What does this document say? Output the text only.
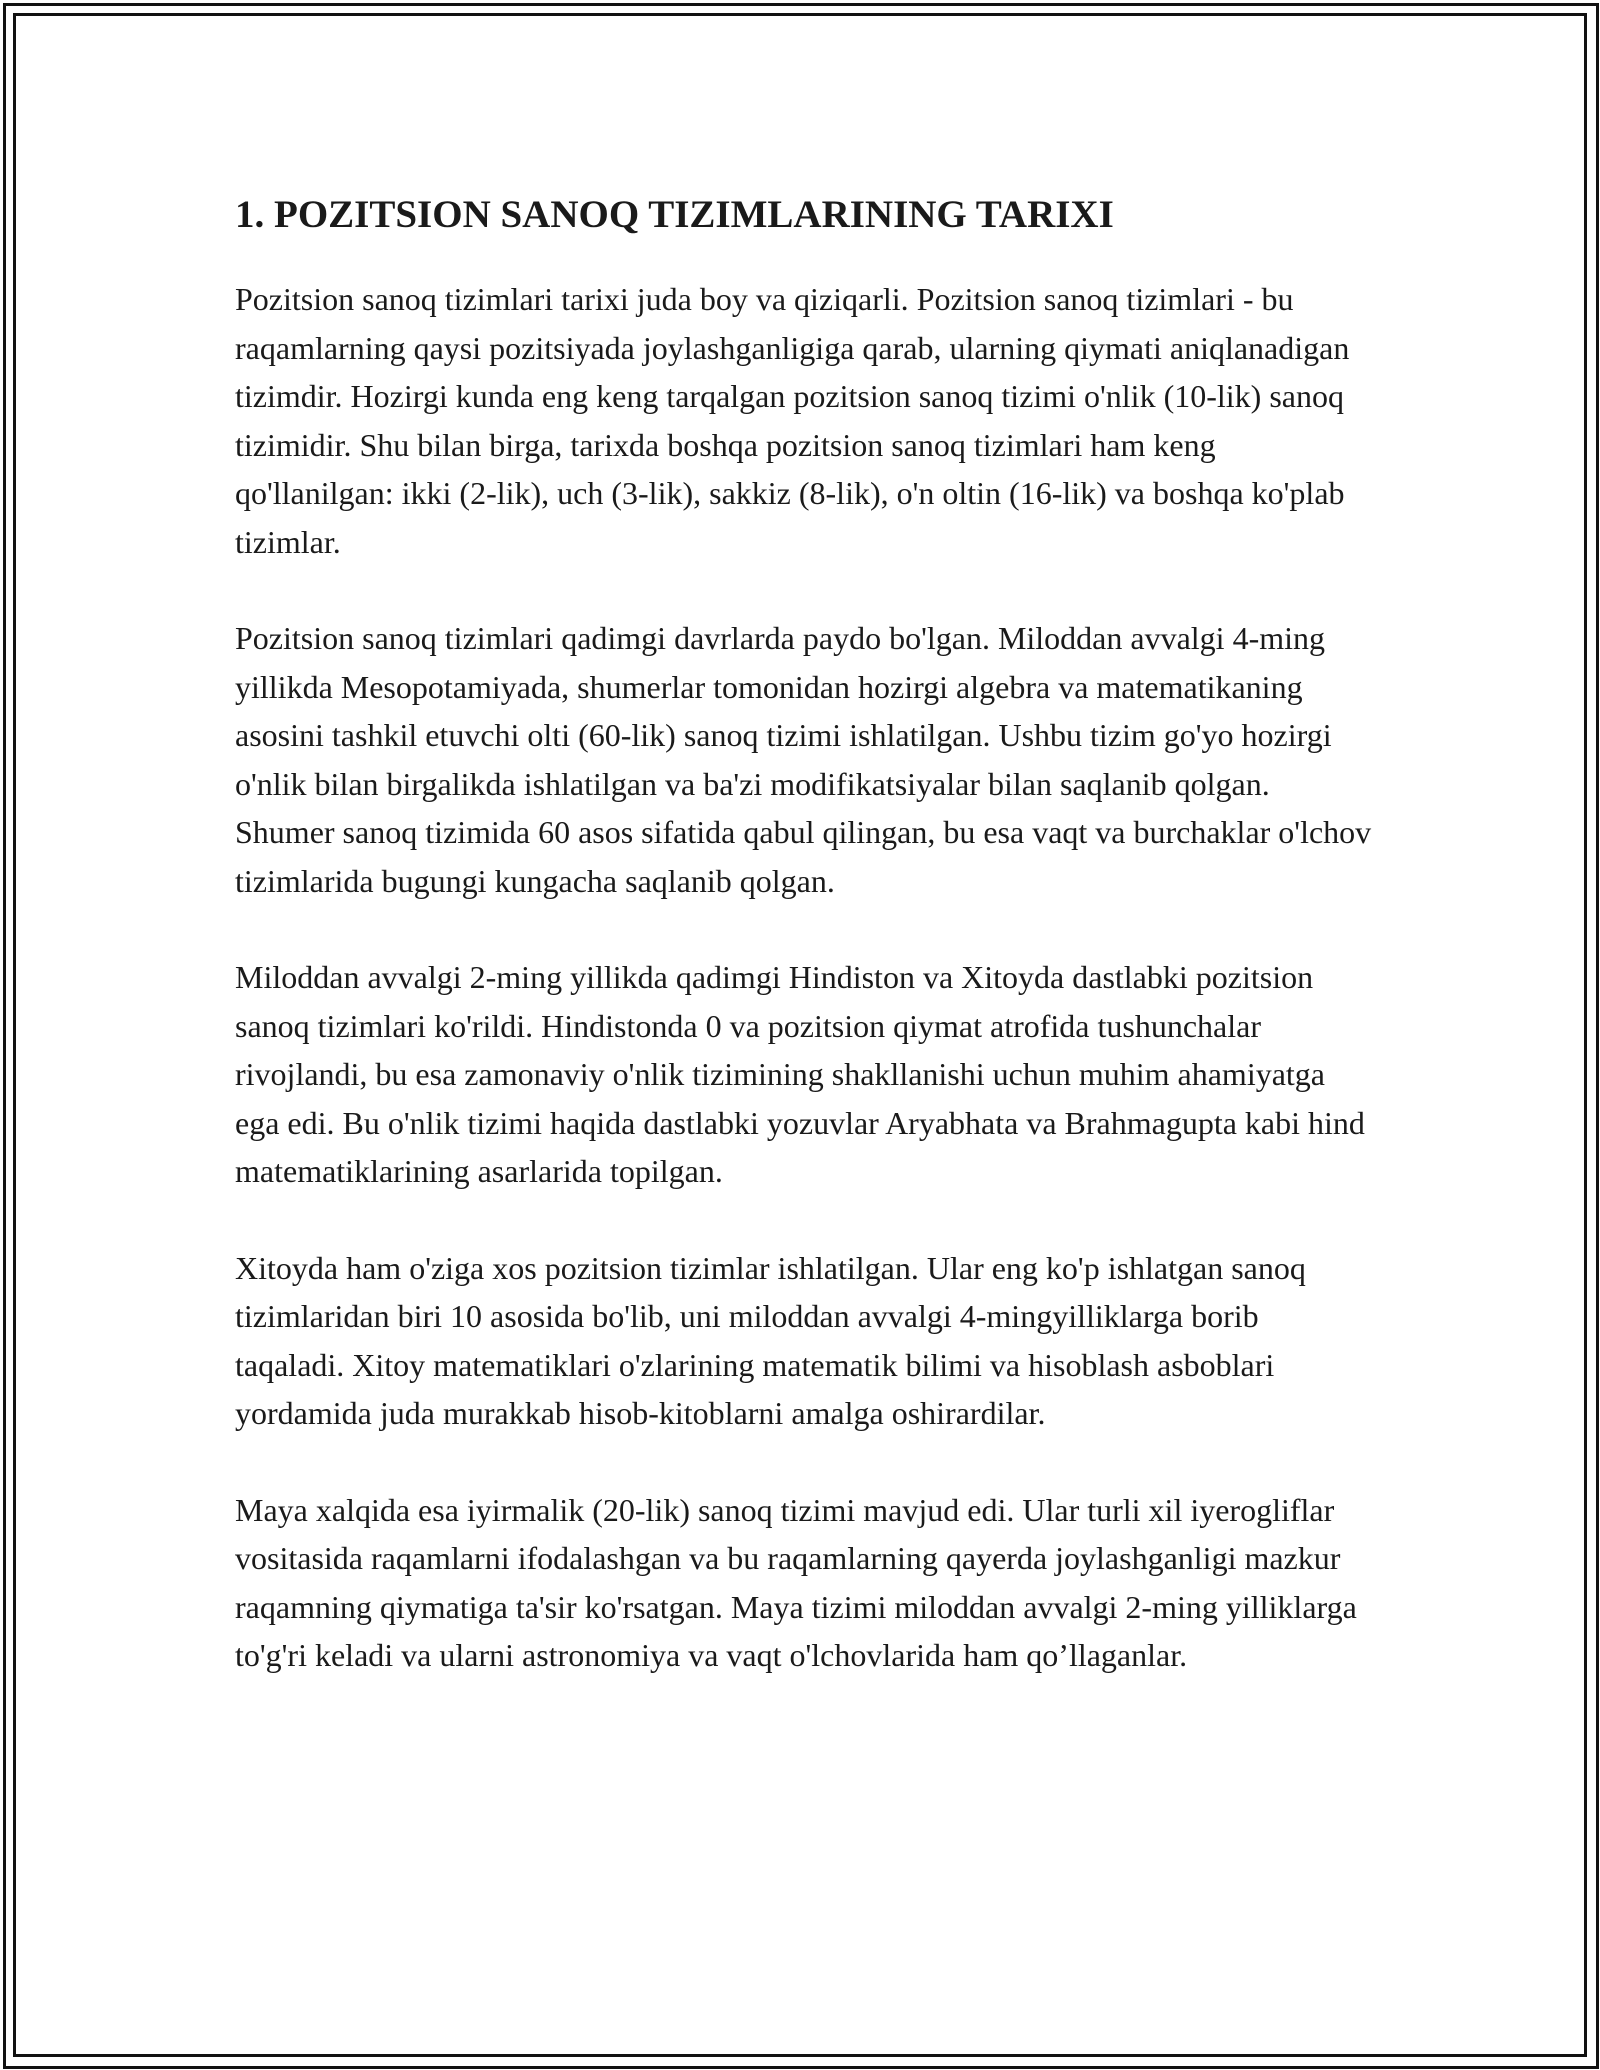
1. POZITSION SANOQ TIZIMLARINING TARIXI

Pozitsion sanoq tizimlari tarixi juda boy va qiziqarli. Pozitsion sanoq tizimlari - bu raqamlarning qaysi pozitsiyada joylashganligiga qarab, ularning qiymati aniqlanadigan tizimdir. Hozirgi kunda eng keng tarqalgan pozitsion sanoq tizimi o'nlik (10-lik) sanoq tizimidir. Shu bilan birga, tarixda boshqa pozitsion sanoq tizimlari ham keng qo'llanilgan: ikki (2-lik), uch (3-lik), sakkiz (8-lik), o'n oltin (16-lik) va boshqa ko'plab tizimlar.

Pozitsion sanoq tizimlari qadimgi davrlarda paydo bo'lgan. Miloddan avvalgi 4-ming yillikda Mesopotamiyada, shumerlar tomonidan hozirgi algebra va matematikaning asosini tashkil etuvchi olti (60-lik) sanoq tizimi ishlatilgan. Ushbu tizim go'yo hozirgi o'nlik bilan birgalikda ishlatilgan va ba'zi modifikatsiyalar bilan saqlanib qolgan. Shumer sanoq tizimida 60 asos sifatida qabul qilingan, bu esa vaqt va burchaklar o'lchov tizimlarida bugungi kungacha saqlanib qolgan.

Miloddan avvalgi 2-ming yillikda qadimgi Hindiston va Xitoyda dastlabki pozitsion sanoq tizimlari ko'rildi. Hindistonda 0 va pozitsion qiymat atrofida tushunchalar rivojlandi, bu esa zamonaviy o'nlik tizimining shakllanishi uchun muhim ahamiyatga ega edi. Bu o'nlik tizimi haqida dastlabki yozuvlar Aryabhata va Brahmagupta kabi hind matematiklarining asarlarida topilgan.

Xitoyda ham o'ziga xos pozitsion tizimlar ishlatilgan. Ular eng ko'p ishlatgan sanoq tizimlaridan biri 10 asosida bo'lib, uni miloddan avvalgi 4-mingyilliklarga borib taqaladi. Xitoy matematiklari o'zlarining matematik bilimi va hisoblash asboblari yordamida juda murakkab hisob-kitoblarni amalga oshirardilar.

Maya xalqida esa iyirmalik (20-lik) sanoq tizimi mavjud edi. Ular turli xil iyerogliflar vositasida raqamlarni ifodalashgan va bu raqamlarning qayerda joylashganligi mazkur raqamning qiymatiga ta'sir ko'rsatgan. Maya tizimi miloddan avvalgi 2-ming yilliklarga to'g'ri keladi va ularni astronomiya va vaqt o'lchovlarida ham qo’llaganlar.
